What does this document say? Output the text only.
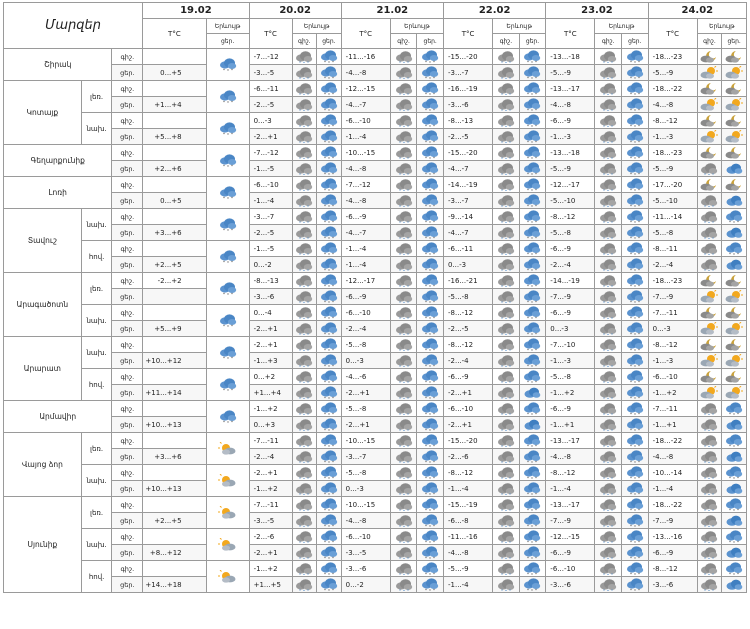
Մարզեր			19.02		20.02			21.02			22.02			23.02			24.02		
			T°C	Երևույթ	T°C	Երևույթ		T°C	Երևույթ		T°C	Երևույթ		T°C	Երևույթ		T°C	Երևույթ	
				ցեր.		գիշ.	ցեր.		գիշ.	ցեր.		գիշ.	ցեր.		գիշ.	ցեր.		գիշ.	ցեր.
Շիրակ		գիշ.			-7...-12			-11...-16			-15...-20			-13...-18			-18...-23	

		ցեր.	0...+5		-3...-5			-4...-8			-3...-7			-5...-9			-5...-9	

Կոտայք	լեռ.	գիշ.			-6...-11			-12...-15			-16...-19			-13...-17			-18...-22	

		ցեր.	+1...+4		-2...-5			-4...-7			-3...-6			-4...-8			-4...-8	

	նախ.	գիշ.			0...-3			-6...-10			-8...-13			-6...-9			-8...-12	

		ցեր.	+5...+8		-2...+1			-1...-4			-2...-5			-1...-3			-1...-3	

Գեղարքունիք		գիշ.			-7...-12			-10...-15			-15...-20			-13...-18			-18...-23	

		ցեր.	+2...+6		-1...-5			-4...-8			-4...-7			-5...-9			-5...-9	

Լոռի		գիշ.			-6...-10			-7...-12			-14...-19			-12...-17			-17...-20	

		ցեր.	0...+5		-1...-4			-4...-8			-3...-7			-5...-10			-5...-10	

Տավուշ	նախ.	գիշ.			-3...-7			-6...-9			-9...-14			-8...-12			-11...-14	

		ցեր.	+3...+6		-2...-5			-4...-7			-4...-7			-5...-8			-5...-8	

	հով.	գիշ.			-1...-5			-1...-4			-6...-11			-6...-9			-8...-11	

		ցեր.	+2...+5		0...-2			-1...-4			0...-3			-2...-4			-2...-4	

Արագածոտն	լեռ.	գիշ.	-2...+2		-8...-13			-12...-17			-16...-21			-14...-19			-18...-23	

		ցեր.			-3...-6			-6...-9			-5...-8			-7...-9			-7...-9	

	նախ.	գիշ.			0...-4			-6...-10			-8...-12			-6...-9			-7...-11	

		ցեր.	+5...+9		-2...+1			-2...-4			-2...-5			0...-3			0...-3	

Արարատ	նախ.	գիշ.			-2...+1			-5...-8			-8...-12			-7...-10			-8...-12	

		ցեր.	+10...+12		-1...+3			0...-3			-2...-4			-1...-3			-1...-3	

	հով.	գիշ.			0...+2			-4...-6			-6...-9			-5...-8			-6...-10	

		ցեր.	+11...+14		+1...+4			-2...+1			-2...+1			-1...+2			-1...+2	

Արմավիր		գիշ.			-1...+2			-5...-8			-6...-10			-6...-9			-7...-11	

		ցեր.	+10...+13		0...+3			-2...+1			-2...+1			-1...+1			-1...+1	

Վայոց ձոր	լեռ.	գիշ.			-7...-11			-10...-15			-15...-20			-13...-17			-18...-22	

		ցեր.	+3...+6		-2...-4			-3...-7			-2...-6			-4...-8			-4...-8	

	նախ.	գիշ.			-2...+1			-5...-8			-8...-12			-8...-12			-10...-14	

		ցեր.	+10...+13		-1...+2			0...-3			-1...-4			-1...-4			-1...-4	

Սյունիք	լեռ.	գիշ.			-7...-11			-10...-15			-15...-19			-13...-17			-18...-22	

		ցեր.	+2...+5		-3...-5			-4...-8			-6...-8			-7...-9			-7...-9	

	նախ.	գիշ.			-2...-6			-6...-10			-11...-16			-12...-15			-13...-16	

		ցեր.	+8...+12		-2...+1			-3...-5			-4...-8			-6...-9			-6...-9	

	հով.	գիշ.			-1...+2			-3...-6			-5...-9			-6...-10			-8...-12	

		ցեր.	+14...+18		+1...+5			0...-2			-1...-4			-3...-6			-3...-6	
